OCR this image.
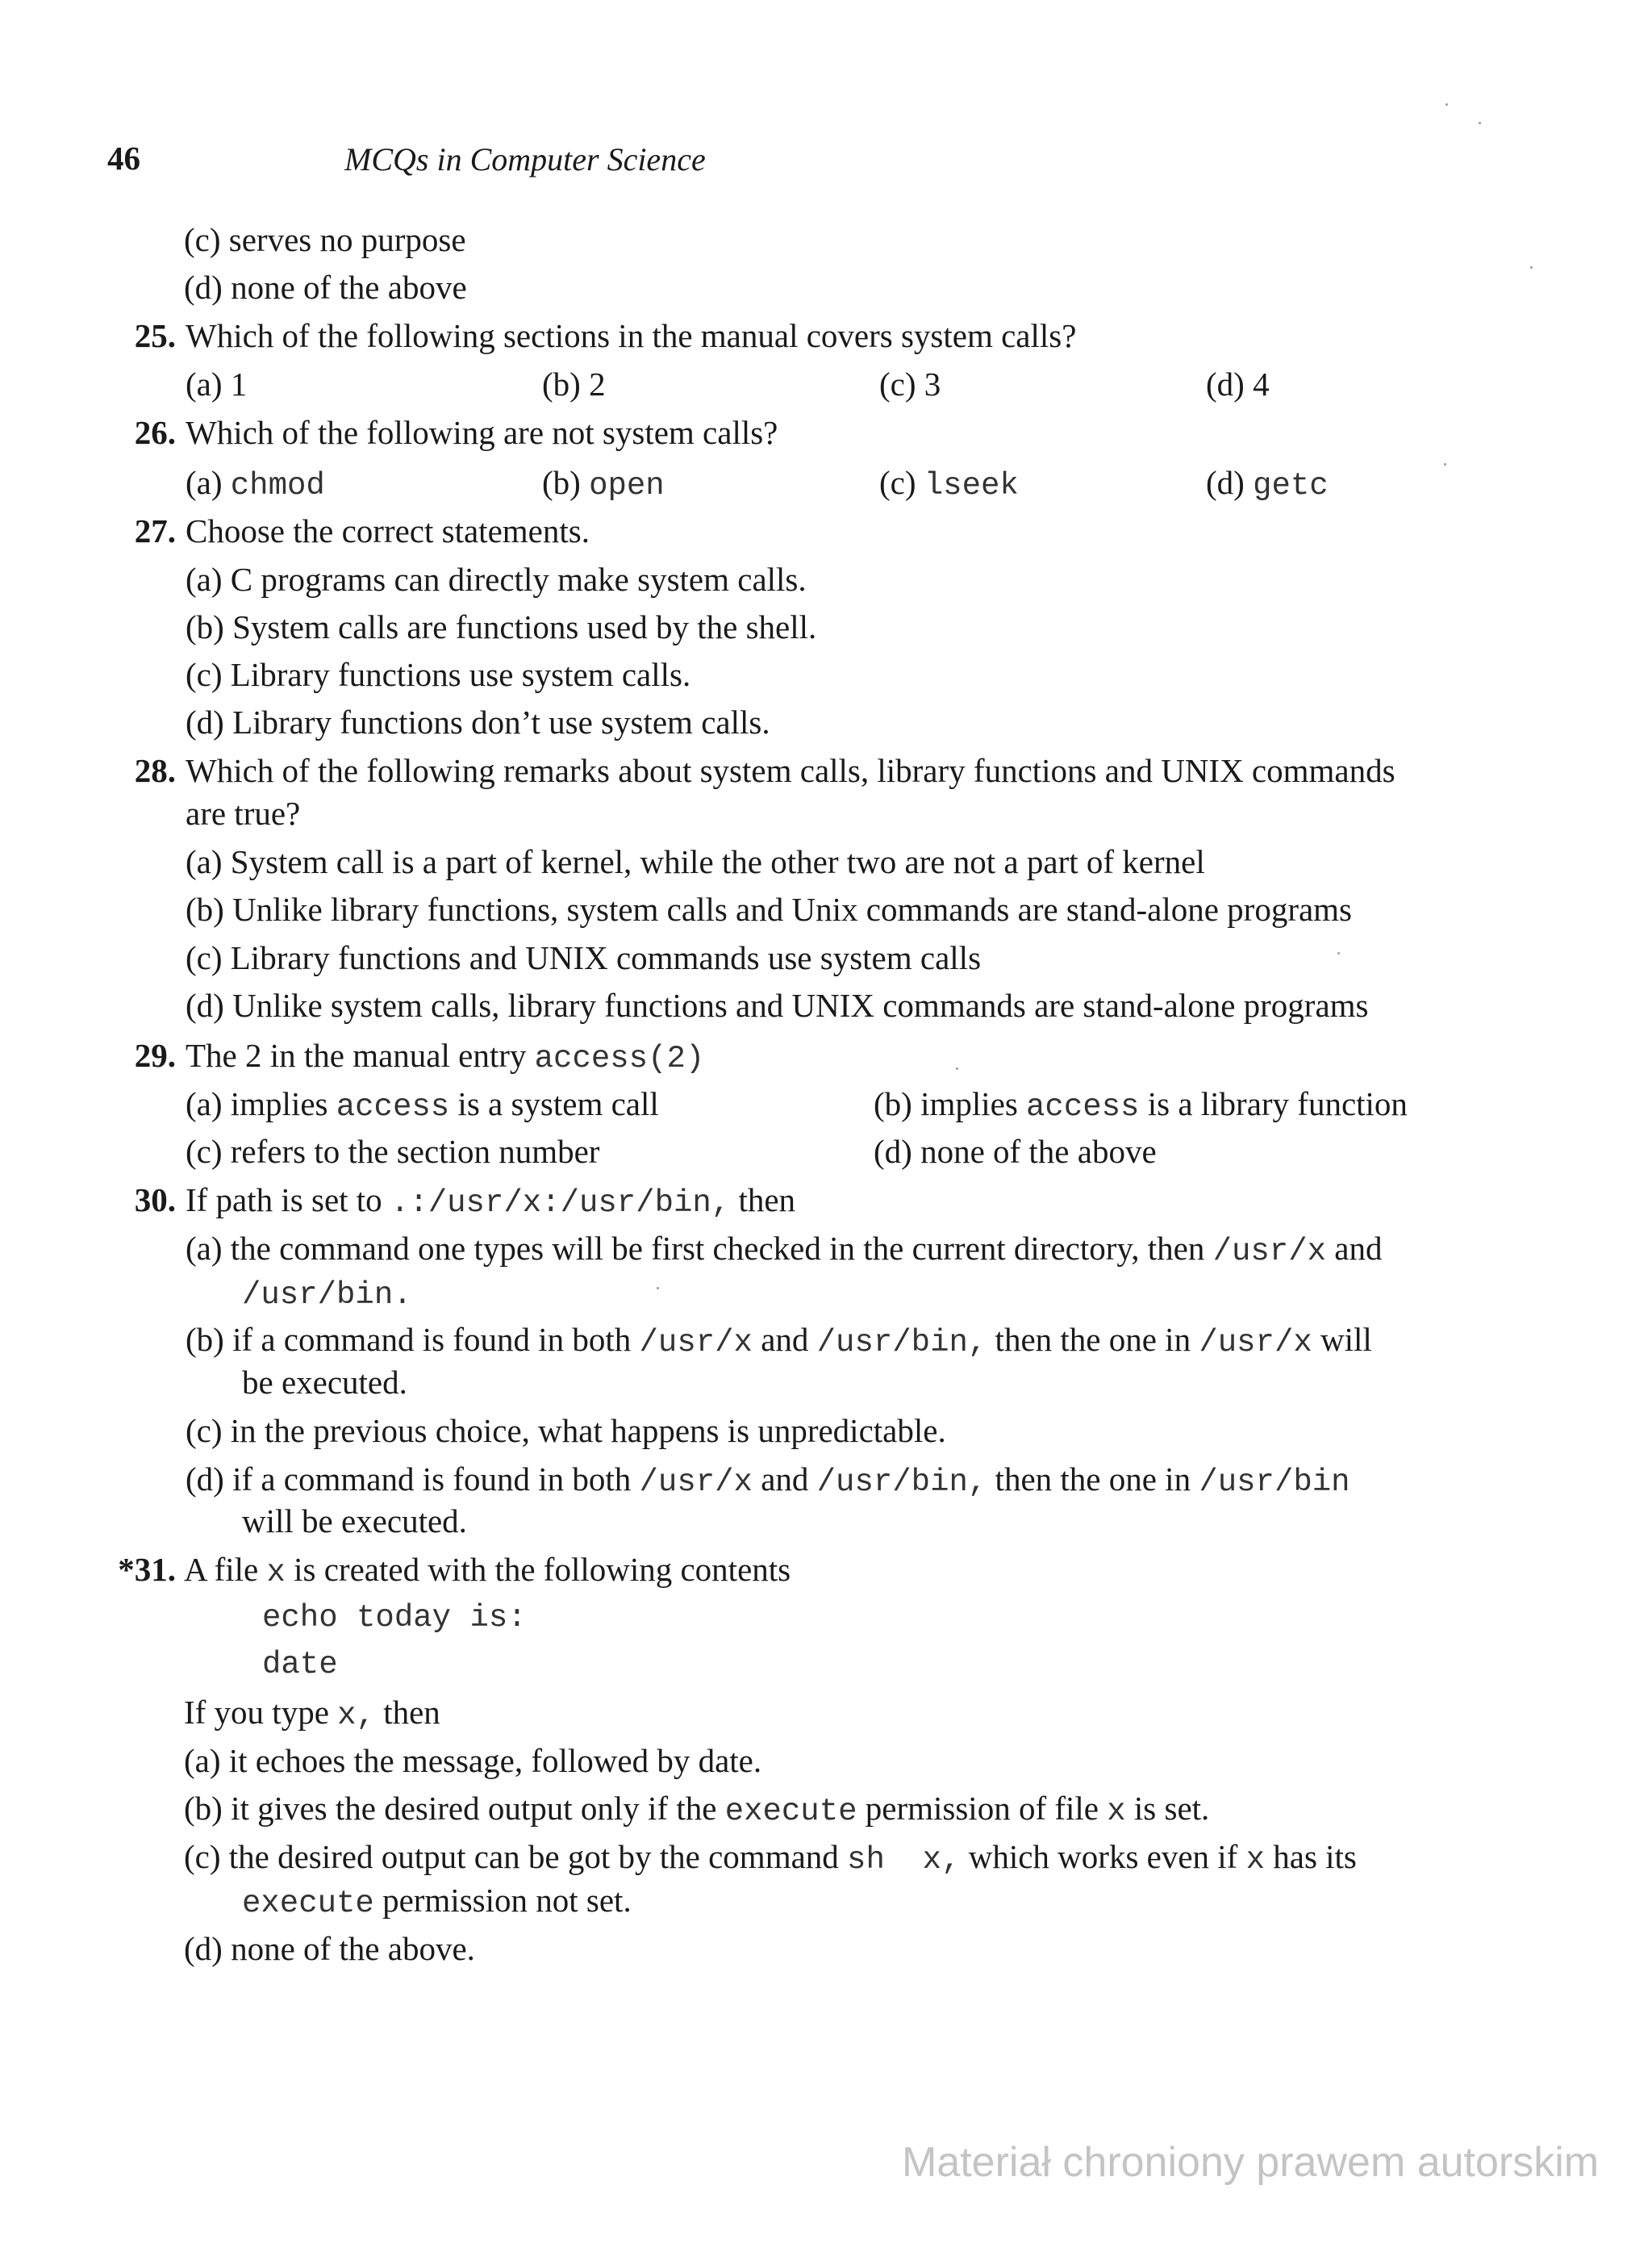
46	MCQs in Computer Science
(c) serves no purpose
(d) none of the above
25. Which of the following sections in the manual covers system calls?
(a) 1	(b) 2	(c) 3	(d) 4
26. Which of the following are not system calls?
(a) chmod	(b) open	(c) lseek	(d) getc
27. Choose the correct statements.
(a) C programs can directly make system calls.
(b) System calls are functions used by the shell.
(c) Library functions use system calls.
(d) Library functions don’t use system calls.
28. Which of the following remarks about system calls, library functions and UNIX commands
are true?
(a) System call is a part of kernel, while the other two are not a part of kernel
(b) Unlike library functions, system calls and Unix commands are stand-alone programs
(c) Library functions and UNIX commands use system calls
(d) Unlike system calls, library functions and UNIX commands are stand-alone programs
29. The 2 in the manual entry access(2)
(a) implies access is a system call	(b) implies access is a library function
(c) refers to the section number	(d) none of the above
30. If path is set to .:/usr/x:/usr/bin, then
(a) the command one types will be first checked in the current directory, then /usr/x and
/usr/bin.
(b) if a command is found in both /usr/x and /usr/bin, then the one in /usr/x will
be executed.
(c) in the previous choice, what happens is unpredictable.
(d) if a command is found in both /usr/x and /usr/bin, then the one in /usr/bin
will be executed.
*31. A file x is created with the following contents
echo today is:
date
If you type x, then
(a) it echoes the message, followed by date.
(b) it gives the desired output only if the execute permission of file x is set.
(c) the desired output can be got by the command sh  x, which works even if x has its
execute permission not set.
(d) none of the above.
Materiał chroniony prawem autorskim
